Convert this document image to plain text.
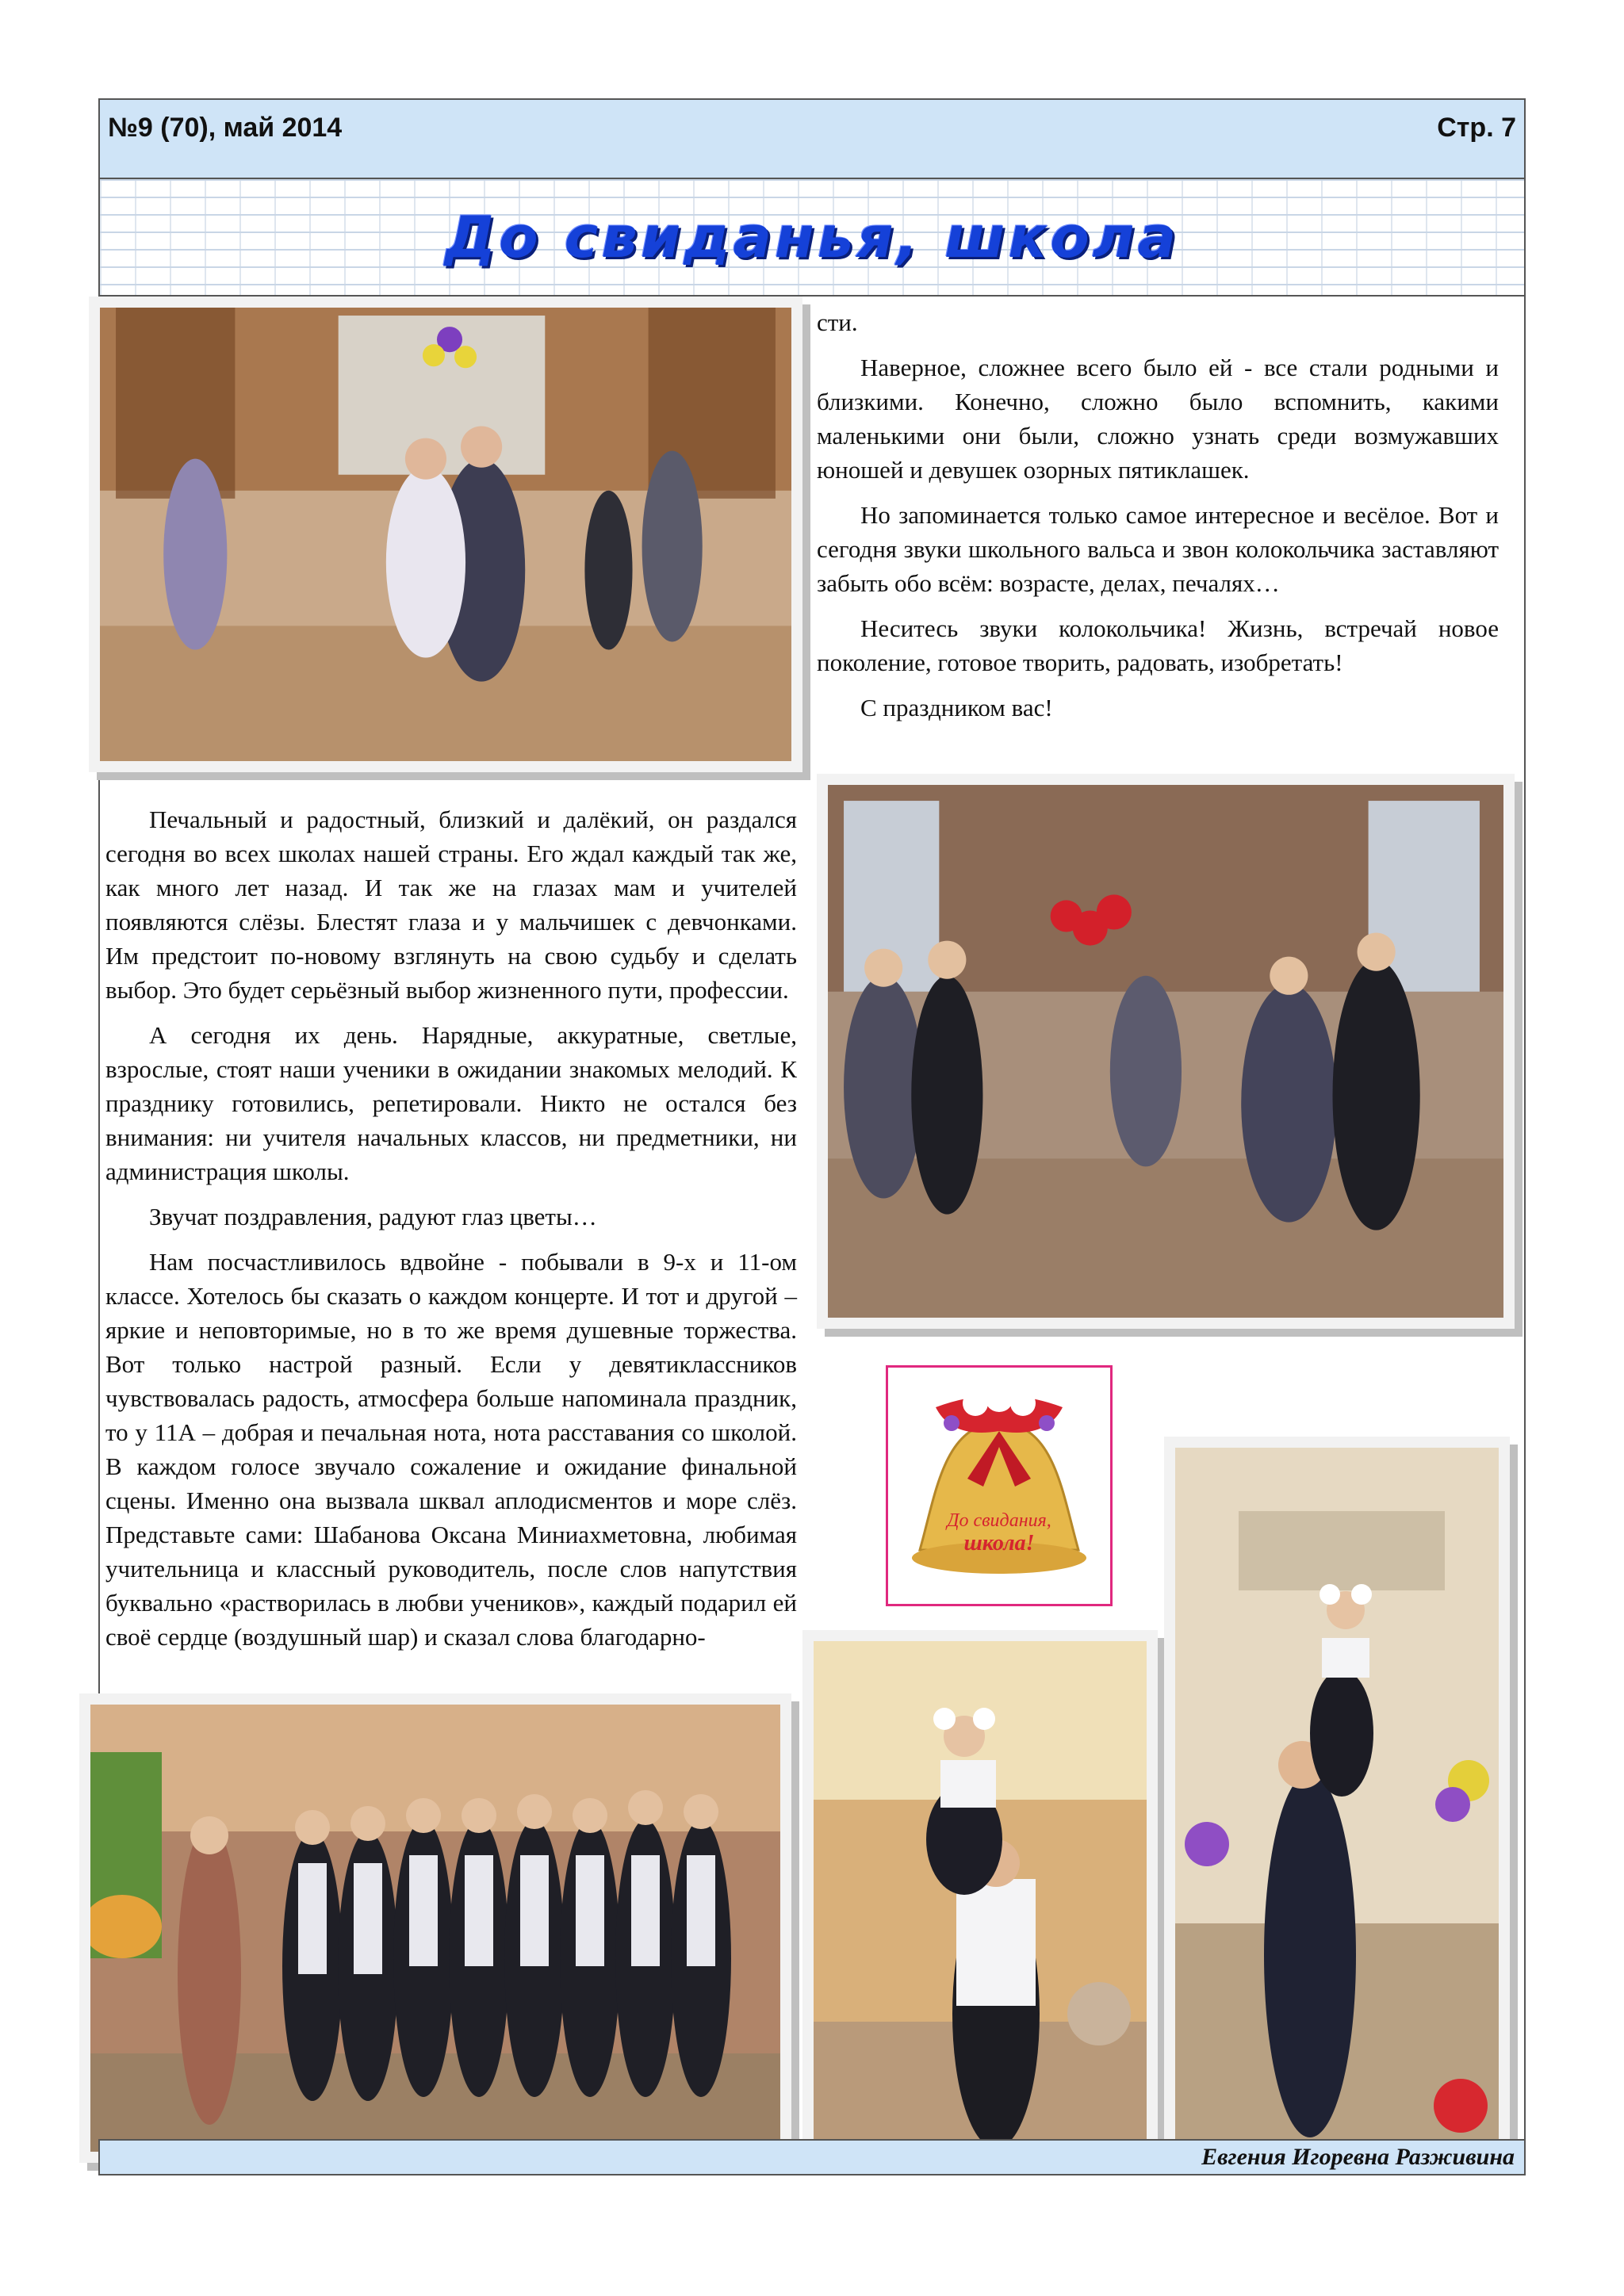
№9 (70), май 2014	Стр. 7
До свиданья, школа

сти.

Наверное, сложнее всего было ей - все стали родными и близкими. Конечно, сложно было вспомнить, какими маленькими они были, сложно узнать среди возмужавших юношей и девушек озорных пятиклашек.

Но запоминается только самое интересное и весёлое. Вот и сегодня звуки школьного вальса и звон колокольчика заставляют забыть обо всём: возрасте, делах, печалях…

Неситесь звуки колокольчика! Жизнь, встречай новое поколение, готовое творить, радовать, изобретать!

С праздником вас!

Печальный и радостный, близкий и далёкий, он раздался сегодня во всех школах нашей страны. Его ждал каждый так же, как много лет назад. И так же на глазах мам и учителей появляются слёзы. Блестят глаза и у мальчишек с девчонками. Им предстоит по-новому взглянуть на свою судьбу и сделать выбор. Это будет серьёзный выбор жизненного пути, профессии.

А сегодня их день. Нарядные, аккуратные, светлые, взрослые, стоят наши ученики в ожидании знакомых мелодий. К празднику готовились, репетировали. Никто не остался без внимания: ни учителя начальных классов, ни предметники, ни администрация школы.

Звучат поздравления, радуют глаз цветы…

Нам посчастливилось вдвойне - побывали в 9-х и 11-ом классе. Хотелось бы сказать о каждом концерте. И тот и другой – яркие и неповторимые, но в то же время душевные торжества. Вот только настрой разный. Если у девятиклассников чувствовалась радость, атмосфера больше напоминала праздник, то у 11А – добрая и печальная нота, нота расставания со школой. В каждом голосе звучало сожаление и ожидание финальной сцены. Именно она вызвала шквал аплодисментов и море слёз. Представьте сами: Шабанова Оксана Миниахметовна, любимая учительница и классный руководитель, после слов напутствия буквально «растворилась в любви учеников», каждый подарил ей своё сердце (воздушный шар) и сказал слова благодарно-

До свидания,
школа!
Евгения Игоревна Разживина
